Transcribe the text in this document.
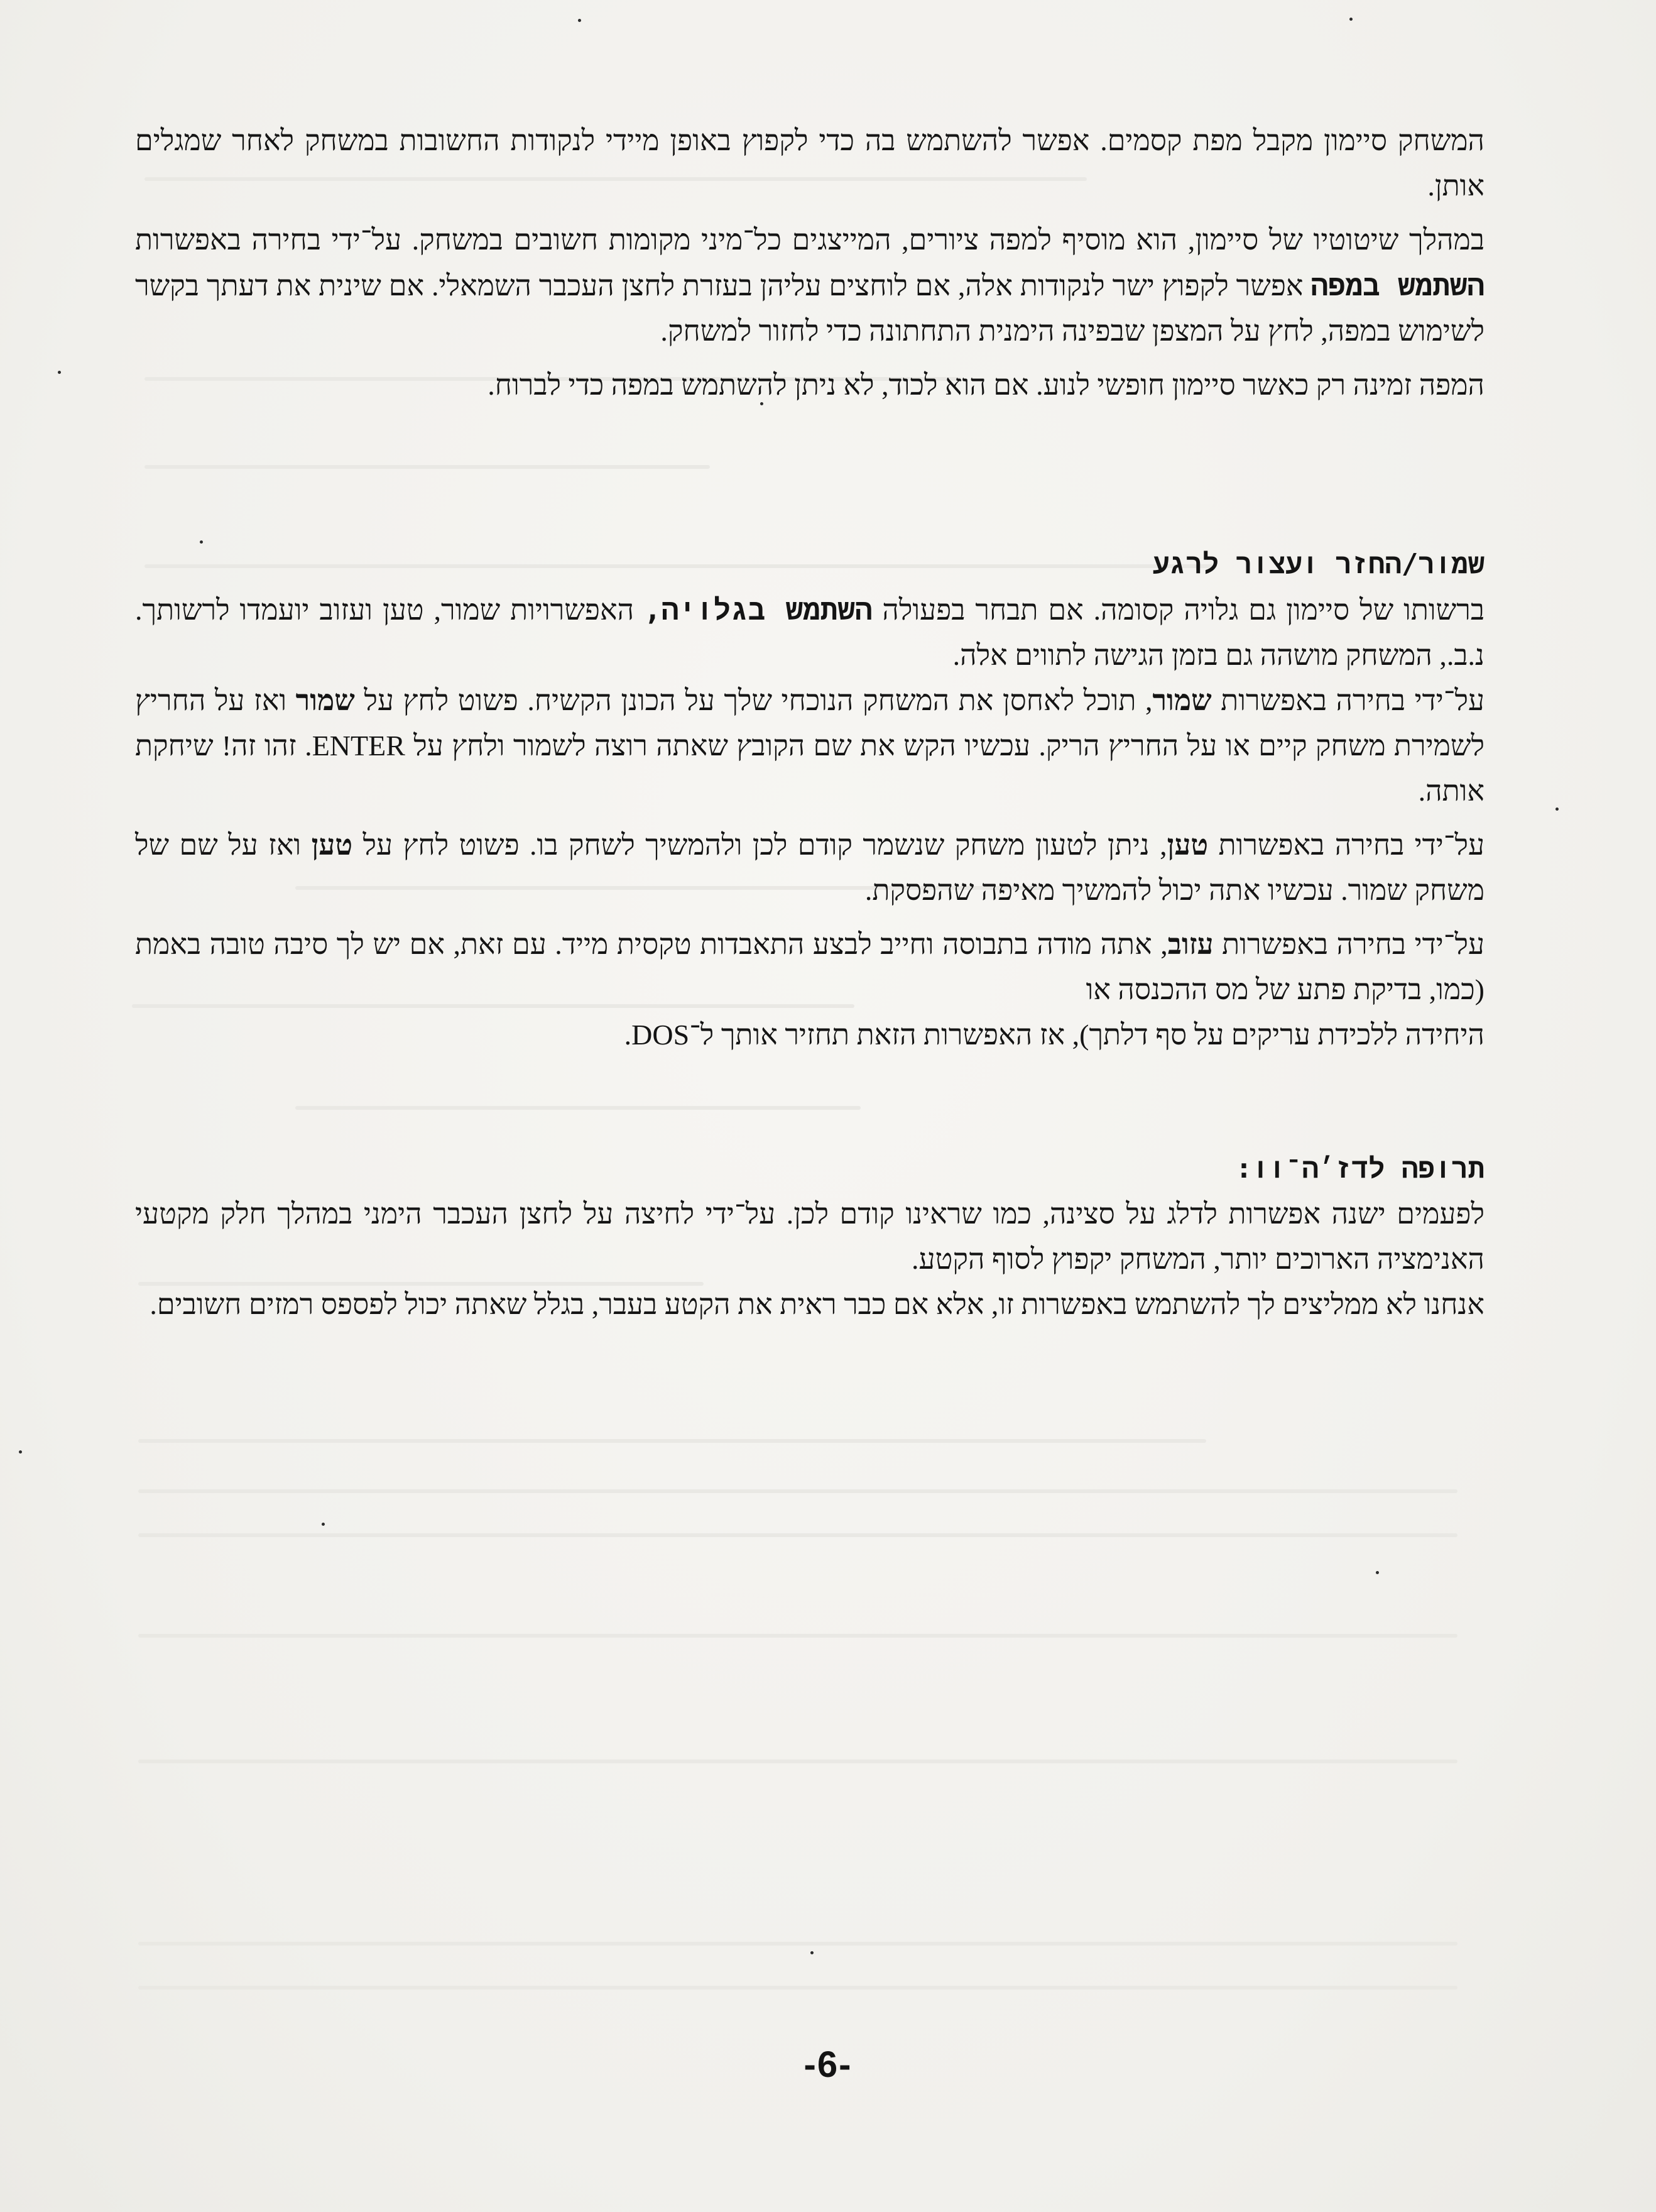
המשחק סיימון מקבל מפת קסמים. אפשר להשתמש בה כדי לקפוץ באופן מיידי לנקודות החשובות במשחק לאחר שמגלים אותן.

במהלך שיטוטיו של סיימון, הוא מוסיף למפה ציורים, המייצגים כל־מיני מקומות חשובים במשחק. על־ידי בחירה באפשרות השתמש במפה אפשר לקפוץ ישר לנקודות אלה, אם לוחצים עליהן בעזרת לחצן העכבר השמאלי. אם שינית את דעתך בקשר לשימוש במפה, לחץ על המצפן שבפינה הימנית התחתונה כדי לחזור למשחק.

המפה זמינה רק כאשר סיימון חופשי לנוע. אם הוא לכוד, לא ניתן להשתמש במפה כדי לברוח.

שמור/החזר ועצור לרגע

ברשותו של סיימון גם גלויה קסומה. אם תבחר בפעולה השתמש בגלויה, האפשרויות שמור, טען ועזוב יועמדו לרשותך. נ.ב., המשחק מושהה גם בזמן הגישה לתווים אלה.

על־ידי בחירה באפשרות שמור, תוכל לאחסן את המשחק הנוכחי שלך על הכונן הקשיח. פשוט לחץ על שמור ואז על החריץ לשמירת משחק קיים או על החריץ הריק. עכשיו הקש את שם הקובץ שאתה רוצה לשמור ולחץ על ENTER. זהו זה! שיחקת אותה.

על־ידי בחירה באפשרות טען, ניתן לטעון משחק שנשמר קודם לכן ולהמשיך לשחק בו. פשוט לחץ על טען ואז על שם של משחק שמור. עכשיו אתה יכול להמשיך מאיפה שהפסקת.

על־ידי בחירה באפשרות עזוב, אתה מודה בתבוסה וחייב לבצע התאבדות טקסית מייד. עם זאת, אם יש לך סיבה טובה באמת (כמו, בדיקת פתע של מס ההכנסה או

היחידה ללכידת עריקים על סף דלתך), אז האפשרות הזאת תחזיר אותך ל־DOS.

תרופה לדז׳ה־וו:

לפעמים ישנה אפשרות לדלג על סצינה, כמו שראינו קודם לכן. על־ידי לחיצה על לחצן העכבר הימני במהלך חלק מקטעי האנימציה הארוכים יותר, המשחק יקפוץ לסוף הקטע.

אנחנו לא ממליצים לך להשתמש באפשרות זו, אלא אם כבר ראית את הקטע בעבר, בגלל שאתה יכול לפספס רמזים חשובים.

-6-
